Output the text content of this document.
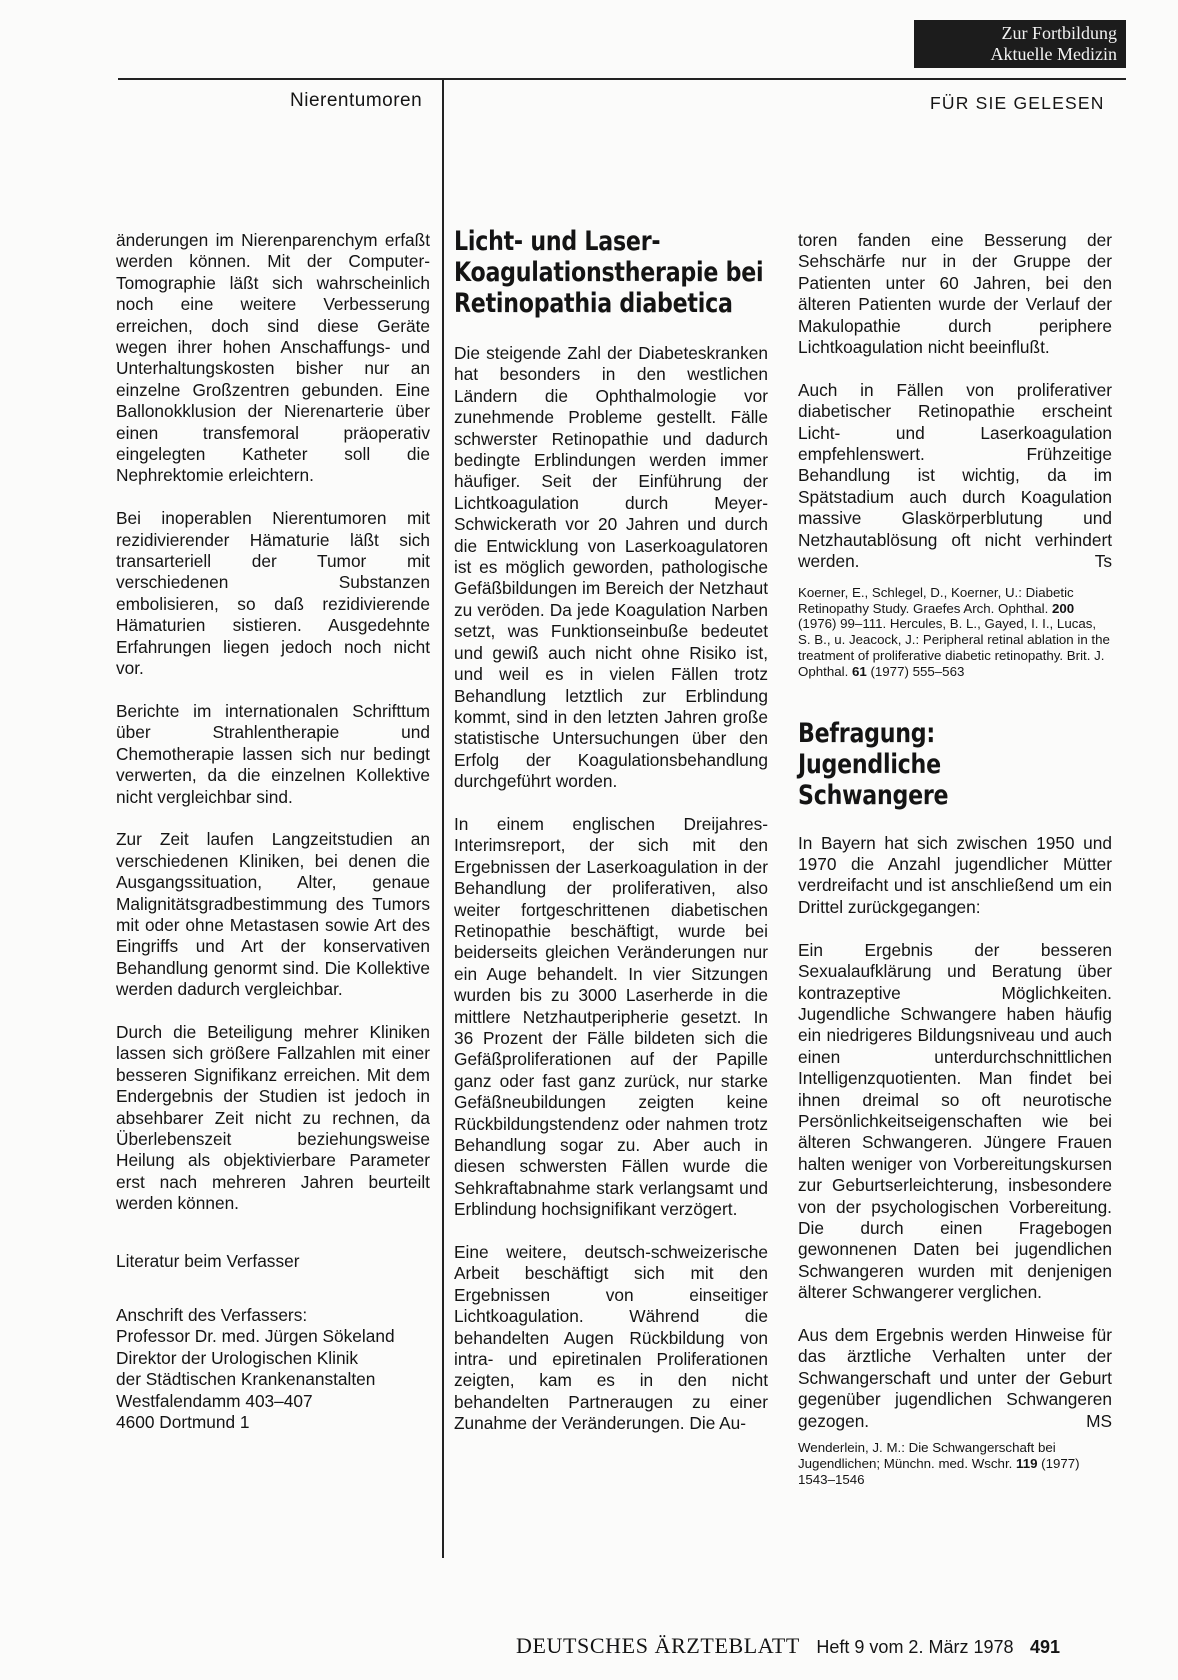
Zur Fortbildung
Aktuelle Medizin
Nierentumoren	FÜR SIE GELESEN

änderungen im Nierenparenchym erfaßt werden können. Mit der Computer-Tomographie läßt sich wahrscheinlich noch eine weitere Verbesserung erreichen, doch sind diese Geräte wegen ihrer hohen Anschaffungs- und Unterhaltungskosten bisher nur an einzelne Großzentren gebunden. Eine Ballonokklusion der Nierenarterie über einen transfemoral präoperativ eingelegten Katheter soll die Nephrektomie erleichtern.

Bei inoperablen Nierentumoren mit rezidivierender Hämaturie läßt sich transarteriell der Tumor mit verschiedenen Substanzen embolisieren, so daß rezidivierende Hämaturien sistieren. Ausgedehnte Erfahrungen liegen jedoch noch nicht vor.

Berichte im internationalen Schrifttum über Strahlentherapie und Chemotherapie lassen sich nur bedingt verwerten, da die einzelnen Kollektive nicht vergleichbar sind.

Zur Zeit laufen Langzeitstudien an verschiedenen Kliniken, bei denen die Ausgangssituation, Alter, genaue Malignitätsgradbestimmung des Tumors mit oder ohne Metastasen sowie Art des Eingriffs und Art der konservativen Behandlung genormt sind. Die Kollektive werden dadurch vergleichbar.

Durch die Beteiligung mehrer Kliniken lassen sich größere Fallzahlen mit einer besseren Signifikanz erreichen. Mit dem Endergebnis der Studien ist jedoch in absehbarer Zeit nicht zu rechnen, da Überlebenszeit beziehungsweise Heilung als objektivierbare Parameter erst nach mehreren Jahren beurteilt werden können.

Literatur beim Verfasser

Anschrift des Verfassers:
Professor Dr. med. Jürgen Sökeland
Direktor der Urologischen Klinik
der Städtischen Krankenanstalten
Westfalendamm 403–407
4600 Dortmund 1
Licht- und Laser-Koagulationstherapie bei Retinopathia diabetica

Die steigende Zahl der Diabeteskranken hat besonders in den westlichen Ländern die Ophthalmologie vor zunehmende Probleme gestellt. Fälle schwerster Retinopathie und dadurch bedingte Erblindungen werden immer häufiger. Seit der Einführung der Lichtkoagulation durch Meyer-Schwickerath vor 20 Jahren und durch die Entwicklung von Laserkoagulatoren ist es möglich geworden, pathologische Gefäßbildungen im Bereich der Netzhaut zu veröden. Da jede Koagulation Narben setzt, was Funktionseinbuße bedeutet und gewiß auch nicht ohne Risiko ist, und weil es in vielen Fällen trotz Behandlung letztlich zur Erblindung kommt, sind in den letzten Jahren große statistische Untersuchungen über den Erfolg der Koagulationsbehandlung durchgeführt worden.

In einem englischen Dreijahres-Interimsreport, der sich mit den Ergebnissen der Laserkoagulation in der Behandlung der proliferativen, also weiter fortgeschrittenen diabetischen Retinopathie beschäftigt, wurde bei beiderseits gleichen Veränderungen nur ein Auge behandelt. In vier Sitzungen wurden bis zu 3000 Laserherde in die mittlere Netzhautperipherie gesetzt. In 36 Prozent der Fälle bildeten sich die Gefäßproliferationen auf der Papille ganz oder fast ganz zurück, nur starke Gefäßneubildungen zeigten keine Rückbildungstendenz oder nahmen trotz Behandlung sogar zu. Aber auch in diesen schwersten Fällen wurde die Sehkraftabnahme stark verlangsamt und Erblindung hochsignifikant verzögert.

Eine weitere, deutsch-schweizerische Arbeit beschäftigt sich mit den Ergebnissen von einseitiger Lichtkoagulation. Während die behandelten Augen Rückbildung von intra- und epiretinalen Proliferationen zeigten, kam es in den nicht behandelten Partneraugen zu einer Zunahme der Veränderungen. Die Au-

toren fanden eine Besserung der Sehschärfe nur in der Gruppe der Patienten unter 60 Jahren, bei den älteren Patienten wurde der Verlauf der Makulopathie durch periphere Lichtkoagulation nicht beeinflußt.

Auch in Fällen von proliferativer diabetischer Retinopathie erscheint Licht- und Laserkoagulation empfehlenswert. Frühzeitige Behandlung ist wichtig, da im Spätstadium auch durch Koagulation massive Glaskörperblutung und Netzhautablösung oft nicht verhindert werden.	Ts

Koerner, E., Schlegel, D., Koerner, U.: Diabetic Retinopathy Study. Graefes Arch. Ophthal. 200 (1976) 99–111. Hercules, B. L., Gayed, I. I., Lucas, S. B., u. Jeacock, J.: Peripheral retinal ablation in the treatment of proliferative diabetic retinopathy. Brit. J. Ophthal. 61 (1977) 555–563

Befragung: Jugendliche Schwangere

In Bayern hat sich zwischen 1950 und 1970 die Anzahl jugendlicher Mütter verdreifacht und ist anschließend um ein Drittel zurückgegangen:

Ein Ergebnis der besseren Sexualaufklärung und Beratung über kontrazeptive Möglichkeiten. Jugendliche Schwangere haben häufig ein niedrigeres Bildungsniveau und auch einen unterdurchschnittlichen Intelligenzquotienten. Man findet bei ihnen dreimal so oft neurotische Persönlichkeitseigenschaften wie bei älteren Schwangeren. Jüngere Frauen halten weniger von Vorbereitungskursen zur Geburtserleichterung, insbesondere von der psychologischen Vorbereitung. Die durch einen Fragebogen gewonnenen Daten bei jugendlichen Schwangeren wurden mit denjenigen älterer Schwangerer verglichen.

Aus dem Ergebnis werden Hinweise für das ärztliche Verhalten unter der Schwangerschaft und unter der Geburt gegenüber jugendlichen Schwangeren gezogen.	MS

Wenderlein, J. M.: Die Schwangerschaft bei Jugendlichen; Münchn. med. Wschr. 119 (1977) 1543–1546

DEUTSCHES ÄRZTEBLATT Heft 9 vom 2. März 1978 491
